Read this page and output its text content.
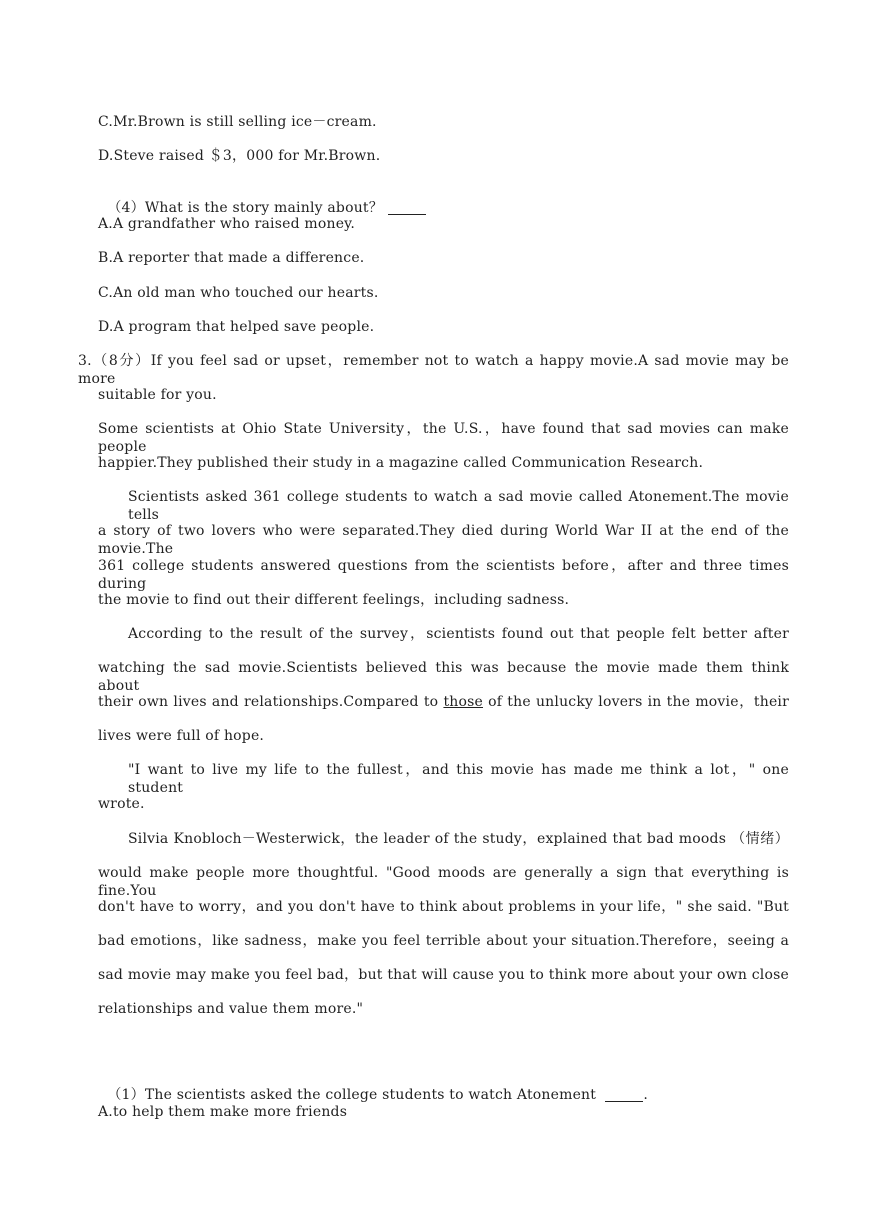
C.Mr.Brown is still selling ice－cream.
D.Steve raised ＄3，000 for Mr.Brown.

（4）What is the story mainly about？

A.A grandfather who raised money.
B.A reporter that made a difference.
C.An old man who touched our hearts.
D.A program that helped save people.
3.（8分）If you feel sad or upset，remember not to watch a happy movie.A sad movie may be more
suitable for you.
Some scientists at Ohio State University，the U.S.，have found that sad movies can make people
happier.They published their study in a magazine called Communication Research.
Scientists asked 361 college students to watch a sad movie called Atonement.The movie tells
a story of two lovers who were separated.They died during World War II at the end of the movie.The
361 college students answered questions from the scientists before，after and three times during
the movie to find out their different feelings，including sadness.
According to the result of the survey，scientists found out that people felt better after
watching the sad movie.Scientists believed this was because the movie made them think about
their own lives and relationships.Compared to those of the unlucky lovers in the movie，their
lives were full of hope.
"I want to live my life to the fullest，and this movie has made me think a lot，" one student
wrote.
Silvia Knobloch－Westerwick，the leader of the study，explained that bad moods （情绪）
would make people more thoughtful. "Good moods are generally a sign that everything is fine.You
don't have to worry，and you don't have to think about problems in your life，" she said. "But
bad emotions，like sadness，make you feel terrible about your situation.Therefore，seeing a
sad movie may make you feel bad，but that will cause you to think more about your own close
relationships and value them more."

（1）The scientists asked the college students to watch Atonement	.

A.to help them make more friends
